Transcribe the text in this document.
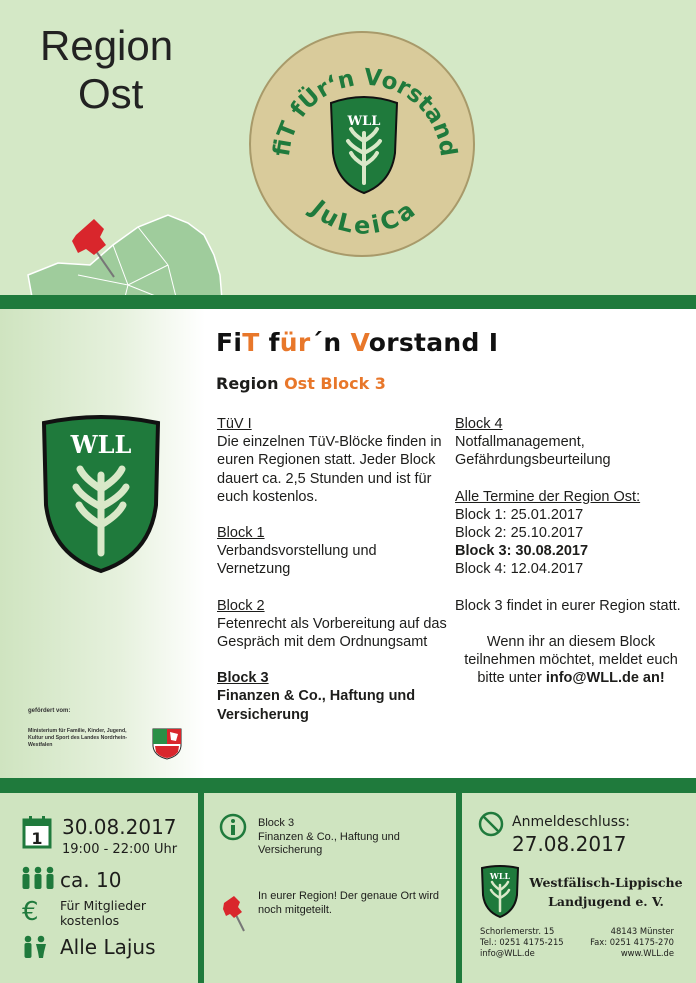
Region
Ost
fiT fÜr‘n Vorstand
JuLeiCa
WLL
WLL
gefördert vom:
Ministerium für Familie, Kinder, Jugend, Kultur und Sport des Landes Nordrhein-Westfalen
FiT für´n Vorstand I
Region Ost Block 3
TüV I
Die einzelnen TüV-Blöcke finden in euren Regionen statt. Jeder Block dauert ca. 2,5 Stunden und ist für euch kostenlos.
Block 1
Verbandsvorstellung und Vernetzung
Block 2
Fetenrecht als Vorbereitung auf das Gespräch mit dem Ordnungsamt
Block 3
Finanzen & Co., Haftung und Versicherung
Block 4
Notfallmanagement, Gefährdungsbeurteilung
Alle Termine der Region Ost:
Block 1: 25.01.2017
Block 2: 25.10.2017
Block 3: 30.08.2017
Block 4: 12.04.2017
Block 3 findet in eurer Region statt.
Wenn ihr an diesem Block teilnehmen möchtet, meldet euch bitte unter info@WLL.de an!
1 30.08.2017
19:00 - 22:00 Uhr
ca. 10
€ Für Mitglieder kostenlos
Alle Lajus
Block 3
Finanzen & Co., Haftung und Versicherung
In eurer Region! Der genaue Ort wird noch mitgeteilt.
Anmeldeschluss:
27.08.2017
WLL Westfälisch-Lippische Landjugend e. V.
Schorlemerstr. 15	48143 Münster
Tel.: 0251 4175-215	Fax: 0251 4175-270
info@WLL.de	www.WLL.de
